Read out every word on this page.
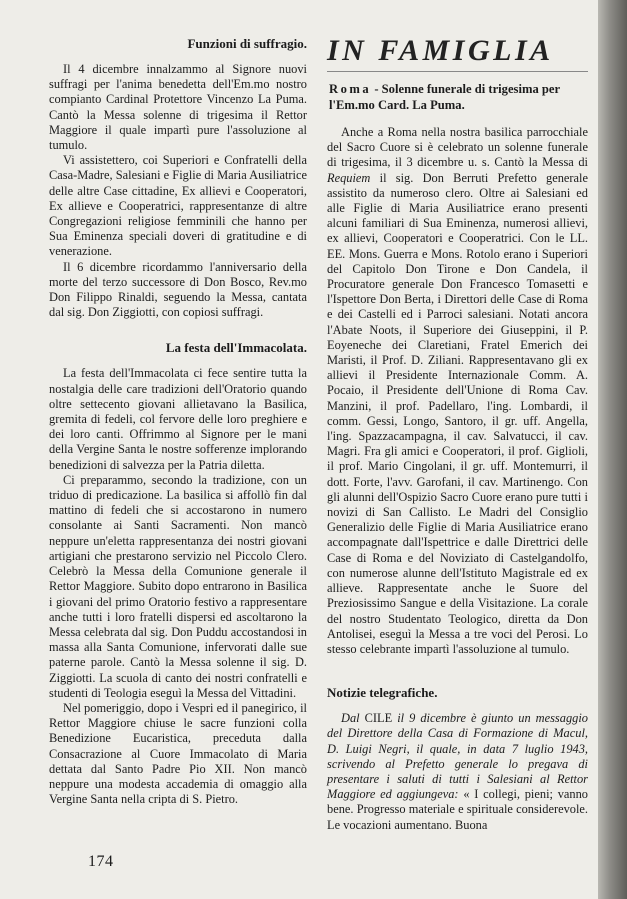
Funzioni di suffragio.

Il 4 dicembre innalzammo al Signore nuovi suffragi per l'anima benedetta dell'Em.mo nostro compianto Cardinal Protettore Vincenzo La Puma. Cantò la Messa solenne di trigesima il Rettor Maggiore il quale impartì pure l'assoluzione al tumulo.

Vi assistettero, coi Superiori e Confratelli della Casa-Madre, Salesiani e Figlie di Maria Ausiliatrice delle altre Case cittadine, Ex allievi e Cooperatori, Ex allieve e Cooperatrici, rappresentanze di altre Congregazioni religiose femminili che hanno per Sua Eminenza speciali doveri di gratitudine e di venerazione.

Il 6 dicembre ricordammo l'anniversario della morte del terzo successore di Don Bosco, Rev.mo Don Filippo Rinaldi, seguendo la Messa, cantata dal sig. Don Ziggiotti, con copiosi suffragi.

La festa dell'Immacolata.

La festa dell'Immacolata ci fece sentire tutta la nostalgia delle care tradizioni dell'Oratorio quando oltre settecento giovani allietavano la Basilica, gremita di fedeli, col fervore delle loro preghiere e dei loro canti. Offrimmo al Signore per le mani della Vergine Santa le nostre sofferenze implorando benedizioni di salvezza per la Patria diletta.

Ci preparammo, secondo la tradizione, con un triduo di predicazione. La basilica si affollò fin dal mattino di fedeli che si accostarono in numero consolante ai Santi Sacramenti. Non mancò neppure un'eletta rappresentanza dei nostri giovani artigiani che prestarono servizio nel Piccolo Clero. Celebrò la Messa della Comunione generale il Rettor Maggiore. Subito dopo entrarono in Basilica i giovani del primo Oratorio festivo a rappresentare anche tutti i loro fratelli dispersi ed ascoltarono la Messa celebrata dal sig. Don Puddu accostandosi in massa alla Santa Comunione, infervorati dalle sue paterne parole. Cantò la Messa solenne il sig. D. Ziggiotti. La scuola di canto dei nostri confratelli e studenti di Teologia eseguì la Messa del Vittadini.

Nel pomeriggio, dopo i Vespri ed il panegirico, il Rettor Maggiore chiuse le sacre funzioni colla Benedizione Eucaristica, preceduta dalla Consacrazione al Cuore Immacolato di Maria dettata dal Santo Padre Pio XII. Non mancò neppure una modesta accademia di omaggio alla Vergine Santa nella cripta di S. Pietro.

IN FAMIGLIA
Roma - Solenne funerale di trigesima per l'Em.mo Card. La Puma.

Anche a Roma nella nostra basilica parrocchiale del Sacro Cuore si è celebrato un solenne funerale di trigesima, il 3 dicembre u. s. Cantò la Messa di Requiem il sig. Don Berruti Prefetto generale assistito da numeroso clero. Oltre ai Salesiani ed alle Figlie di Maria Ausiliatrice erano presenti alcuni familiari di Sua Eminenza, numerosi allievi, ex allievi, Cooperatori e Cooperatrici. Con le LL. EE. Mons. Guerra e Mons. Rotolo erano i Superiori del Capitolo Don Tirone e Don Candela, il Procuratore generale Don Francesco Tomasetti e l'Ispettore Don Berta, i Direttori delle Case di Roma e dei Castelli ed i Parroci salesiani. Notati ancora l'Abate Noots, il Superiore dei Giuseppini, il P. Eoyeneche dei Claretiani, Fratel Emerich dei Maristi, il Prof. D. Ziliani. Rappresentavano gli ex allievi il Presidente Internazionale Comm. A. Pocaio, il Presidente dell'Unione di Roma Cav. Manzini, il prof. Padellaro, l'ing. Lombardi, il comm. Gessi, Longo, Santoro, il gr. uff. Angella, l'ing. Spazzacampagna, il cav. Salvatucci, il cav. Magri. Fra gli amici e Cooperatori, il prof. Giglioli, il prof. Mario Cingolani, il gr. uff. Montemurri, il dott. Forte, l'avv. Garofani, il cav. Martinengo. Con gli alunni dell'Ospizio Sacro Cuore erano pure tutti i novizi di San Callisto. Le Madri del Consiglio Generalizio delle Figlie di Maria Ausiliatrice erano accompagnate dall'Ispettrice e dalle Direttrici delle Case di Roma e del Noviziato di Castelgandolfo, con numerose alunne dell'Istituto Magistrale ed ex allieve. Rappresentate anche le Suore del Preziosissimo Sangue e della Visitazione. La corale del nostro Studentato Teologico, diretta da Don Antolisei, eseguì la Messa a tre voci del Perosi. Lo stesso celebrante impartì l'assoluzione al tumulo.

Notizie telegrafiche.

Dal CILE il 9 dicembre è giunto un messaggio del Direttore della Casa di Formazione di Macul, D. Luigi Negri, il quale, in data 7 luglio 1943, scrivendo al Prefetto generale lo pregava di presentare i saluti di tutti i Salesiani al Rettor Maggiore ed aggiungeva: « I collegi, pieni; vanno bene. Progresso materiale e spirituale considerevole. Le vocazioni aumentano. Buona

174
